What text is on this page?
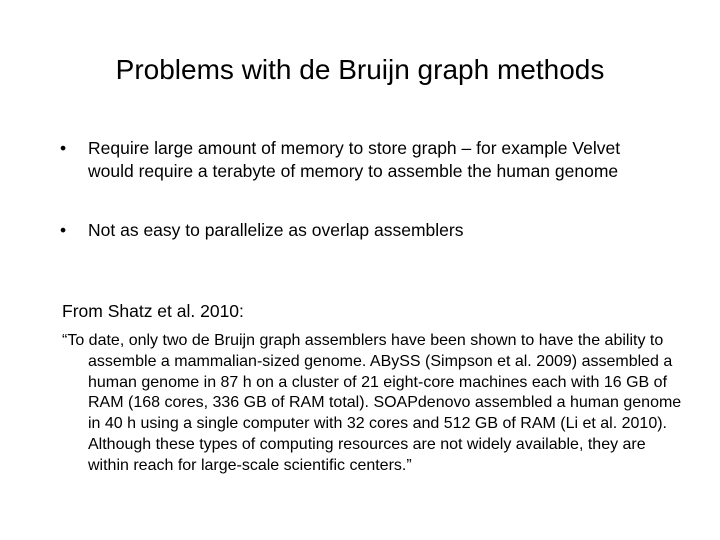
Problems with de Bruijn graph methods
•	Require large amount of memory to store graph – for example Velvet would require a terabyte of memory to assemble the human genome
•	Not as easy to parallelize as overlap assemblers

From Shatz et al. 2010:

“To date, only two de Bruijn graph assemblers have been shown to have the ability to assemble a mammalian-sized genome. ABySS (Simpson et al. 2009) assembled a human genome in 87 h on a cluster of 21 eight-core machines each with 16 GB of RAM (168 cores, 336 GB of RAM total). SOAPdenovo assembled a human genome in 40 h using a single computer with 32 cores and 512 GB of RAM (Li et al. 2010). Although these types of computing resources are not widely available, they are within reach for large-scale scientific centers.”
